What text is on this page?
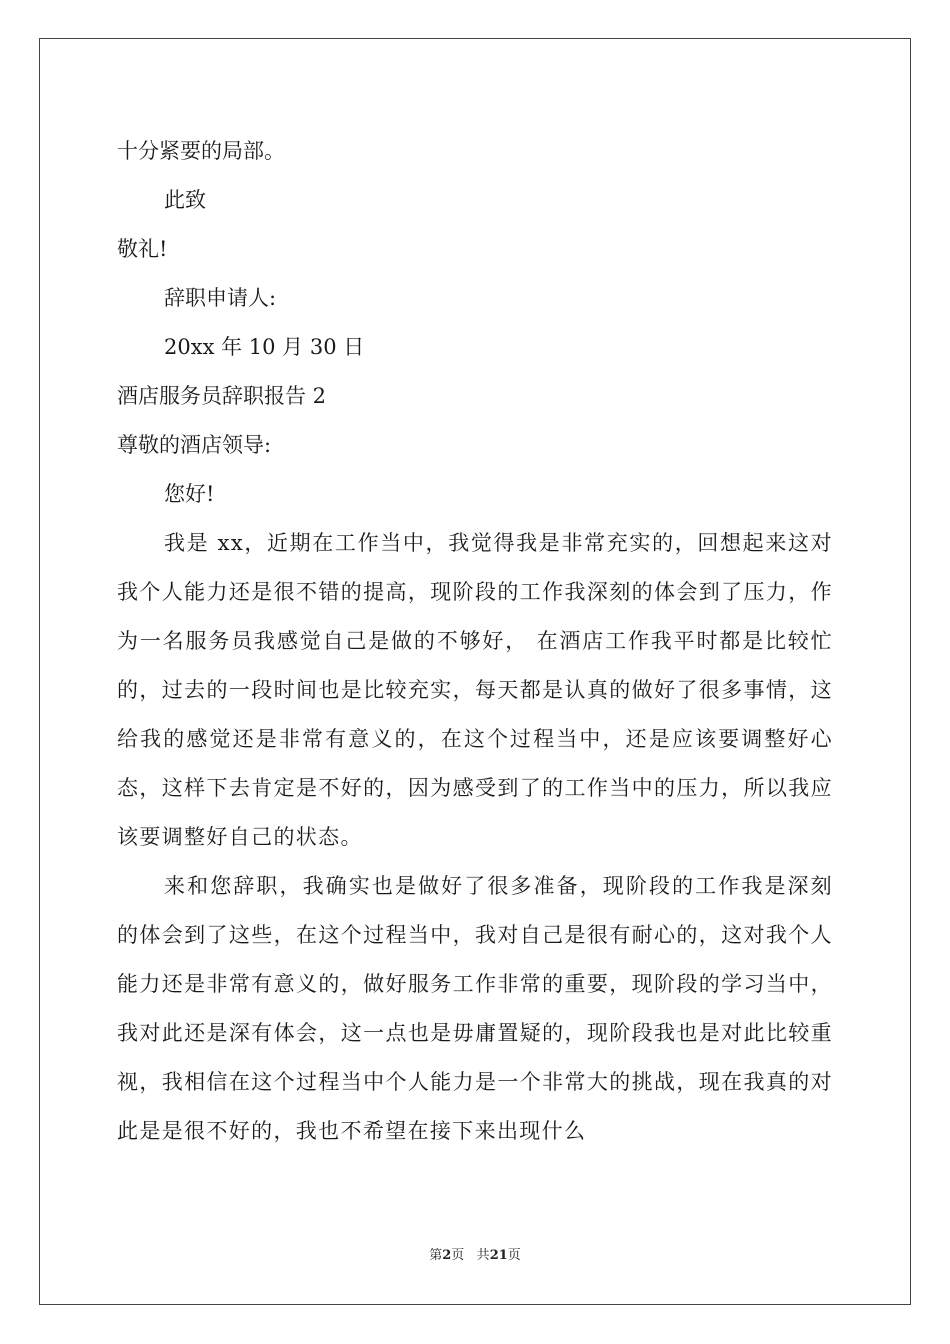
十分紧要的局部。
此致
敬礼!
辞职申请人:
20xx 年 10 月 30 日
酒店服务员辞职报告 2
尊敬的酒店领导:
您好!

我是 xx，近期在工作当中，我觉得我是非常充实的，回想起来这对我个人能力还是很不错的提高，现阶段的工作我深刻的体会到了压力，作为一名服务员我感觉自己是做的不够好， 在酒店工作我平时都是比较忙的，过去的一段时间也是比较充实，每天都是认真的做好了很多事情，这给我的感觉还是非常有意义的，在这个过程当中，还是应该要调整好心态，这样下去肯定是不好的，因为感受到了的工作当中的压力，所以我应该要调整好自己的状态。

来和您辞职，我确实也是做好了很多准备，现阶段的工作我是深刻的体会到了这些，在这个过程当中，我对自己是很有耐心的，这对我个人能力还是非常有意义的，做好服务工作非常的重要，现阶段的学习当中，我对此还是深有体会，这一点也是毋庸置疑的，现阶段我也是对此比较重视，我相信在这个过程当中个人能力是一个非常大的挑战，现在我真的对此是是很不好的，我也不希望在接下来出现什么

第2页 共21页
